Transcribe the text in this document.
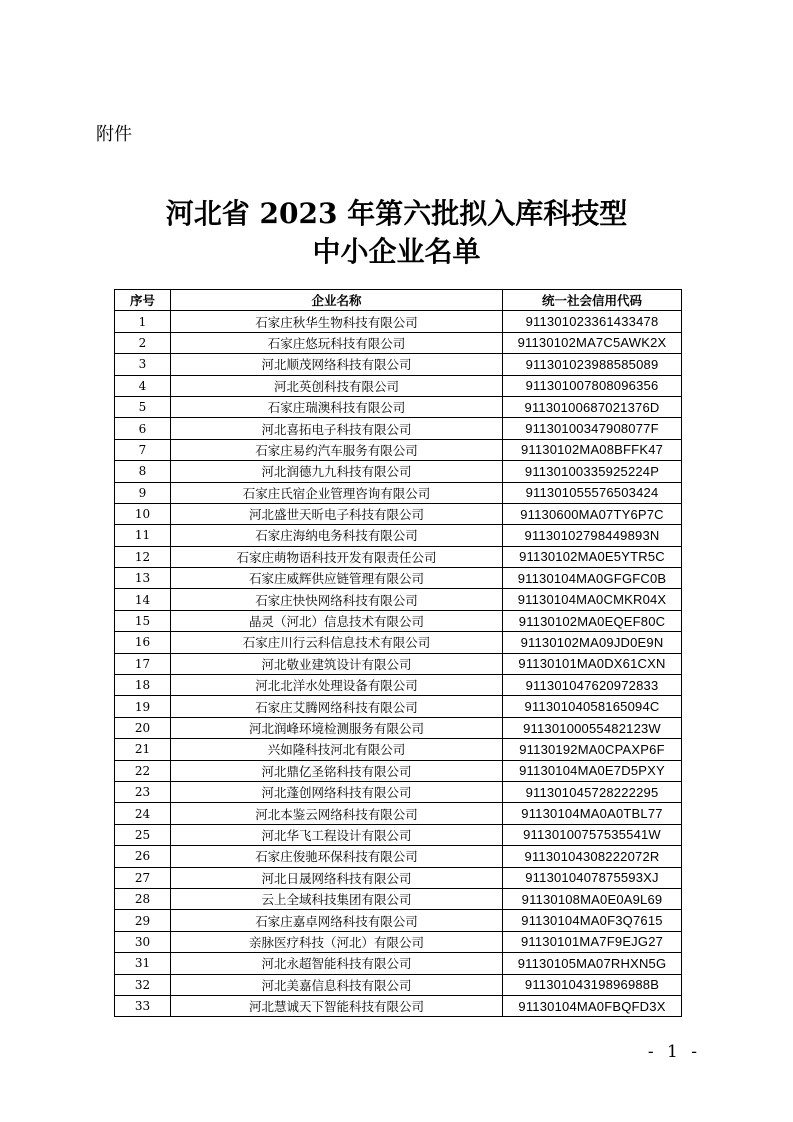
附件
河北省 2023 年第六批拟入库科技型
中小企业名单
序号	企业名称	统一社会信用代码
1	石家庄秋华生物科技有限公司	911301023361433478
2	石家庄悠玩科技有限公司	91130102MA7C5AWK2X
3	河北顺茂网络科技有限公司	911301023988585089
4	河北英创科技有限公司	911301007808096356
5	石家庄瑞澳科技有限公司	91130100687021376D
6	河北喜拓电子科技有限公司	91130100347908077F
7	石家庄易约汽车服务有限公司	91130102MA08BFFK47
8	河北润德九九科技有限公司	91130100335925224P
9	石家庄氏宿企业管理咨询有限公司	911301055576503424
10	河北盛世天昕电子科技有限公司	91130600MA07TY6P7C
11	石家庄海纳电务科技有限公司	91130102798449893N
12	石家庄萌物语科技开发有限责任公司	91130102MA0E5YTR5C
13	石家庄威辉供应链管理有限公司	91130104MA0GFGFC0B
14	石家庄快快网络科技有限公司	91130104MA0CMKR04X
15	晶灵（河北）信息技术有限公司	91130102MA0EQEF80C
16	石家庄川行云科信息技术有限公司	91130102MA09JD0E9N
17	河北敬业建筑设计有限公司	91130101MA0DX61CXN
18	河北北洋水处理设备有限公司	911301047620972833
19	石家庄艾腾网络科技有限公司	91130104058165094C
20	河北润峰环境检测服务有限公司	91130100055482123W
21	兴如隆科技河北有限公司	91130192MA0CPAXP6F
22	河北鼎亿圣铭科技有限公司	91130104MA0E7D5PXY
23	河北蓬创网络科技有限公司	911301045728222295
24	河北本鉴云网络科技有限公司	91130104MA0A0TBL77
25	河北华飞工程设计有限公司	91130100757535541W
26	石家庄俊驰环保科技有限公司	91130104308222072R
27	河北日晟网络科技有限公司	9113010407875593XJ
28	云上全域科技集团有限公司	91130108MA0E0A9L69
29	石家庄嘉卓网络科技有限公司	91130104MA0F3Q7615
30	亲脉医疗科技（河北）有限公司	91130101MA7F9EJG27
31	河北永超智能科技有限公司	91130105MA07RHXN5G
32	河北美嘉信息科技有限公司	91130104319896988B
33	河北慧诚天下智能科技有限公司	91130104MA0FBQFD3X
- 1 -
